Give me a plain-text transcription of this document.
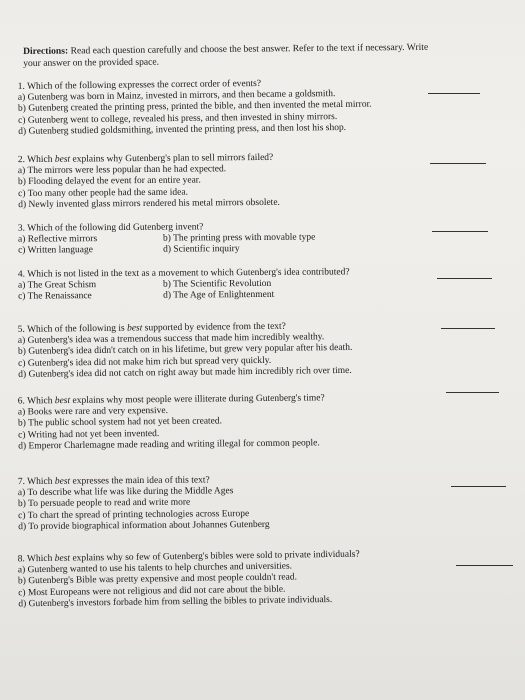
Directions: Read each question carefully and choose the best answer. Refer to the text if necessary. Write
your answer on the provided space.
1. Which of the following expresses the correct order of events?
a) Gutenberg was born in Mainz, invested in mirrors, and then became a goldsmith.
b) Gutenberg created the printing press, printed the bible, and then invented the metal mirror.
c) Gutenberg went to college, revealed his press, and then invested in shiny mirrors.
d) Gutenberg studied goldsmithing, invented the printing press, and then lost his shop.
2. Which best explains why Gutenberg's plan to sell mirrors failed?
a) The mirrors were less popular than he had expected.
b) Flooding delayed the event for an entire year.
c) Too many other people had the same idea.
d) Newly invented glass mirrors rendered his metal mirrors obsolete.
3. Which of the following did Gutenberg invent?
a) Reflective mirrors	b) The printing press with movable type
c) Written language	d) Scientific inquiry
4. Which is not listed in the text as a movement to which Gutenberg's idea contributed?
a) The Great Schism	b) The Scientific Revolution
c) The Renaissance	d) The Age of Enlightenment
5. Which of the following is best supported by evidence from the text?
a) Gutenberg's idea was a tremendous success that made him incredibly wealthy.
b) Gutenberg's idea didn't catch on in his lifetime, but grew very popular after his death.
c) Gutenberg's idea did not make him rich but spread very quickly.
d) Gutenberg's idea did not catch on right away but made him incredibly rich over time.
6. Which best explains why most people were illiterate during Gutenberg's time?
a) Books were rare and very expensive.
b) The public school system had not yet been created.
c) Writing had not yet been invented.
d) Emperor Charlemagne made reading and writing illegal for common people.
7. Which best expresses the main idea of this text?
a) To describe what life was like during the Middle Ages
b) To persuade people to read and write more
c) To chart the spread of printing technologies across Europe
d) To provide biographical information about Johannes Gutenberg
8. Which best explains why so few of Gutenberg's bibles were sold to private individuals?
a) Gutenberg wanted to use his talents to help churches and universities.
b) Gutenberg's Bible was pretty expensive and most people couldn't read.
c) Most Europeans were not religious and did not care about the bible.
d) Gutenberg's investors forbade him from selling the bibles to private individuals.
